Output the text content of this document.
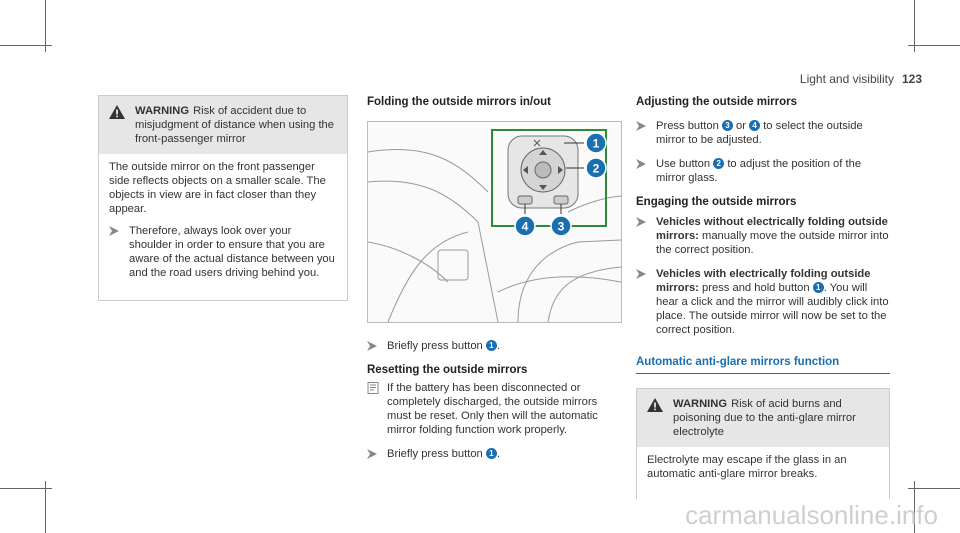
Light and visibility 123
WARNING Risk of accident due to misjudgment of distance when using the front-passenger mirror

The outside mirror on the front passenger side reflects objects on a smaller scale. The objects in view are in fact closer than they appear.

Therefore, always look over your shoulder in order to ensure that you are aware of the actual distance between you and the road users driving behind you.
Folding the outside mirrors in/out
1
2
3
4
Briefly press button 1 .
Resetting the outside mirrors
If the battery has been disconnected or completely discharged, the outside mirrors must be reset. Only then will the automatic mirror folding function work properly.
Briefly press button 1 .
Adjusting the outside mirrors
Press button 3 or 4 to select the outside mirror to be adjusted.
Use button 2 to adjust the position of the mirror glass.
Engaging the outside mirrors
Vehicles without electrically folding outside mirrors: manually move the outside mirror into the correct position.
Vehicles with electrically folding outside mirrors: press and hold button 1 . You will hear a click and the mirror will audibly click into place. The outside mirror will now be set to the correct position.
Automatic anti-glare mirrors function
WARNING Risk of acid burns and poisoning due to the anti-glare mirror electrolyte

Electrolyte may escape if the glass in an automatic anti-glare mirror breaks.

carmanualsonline.info
